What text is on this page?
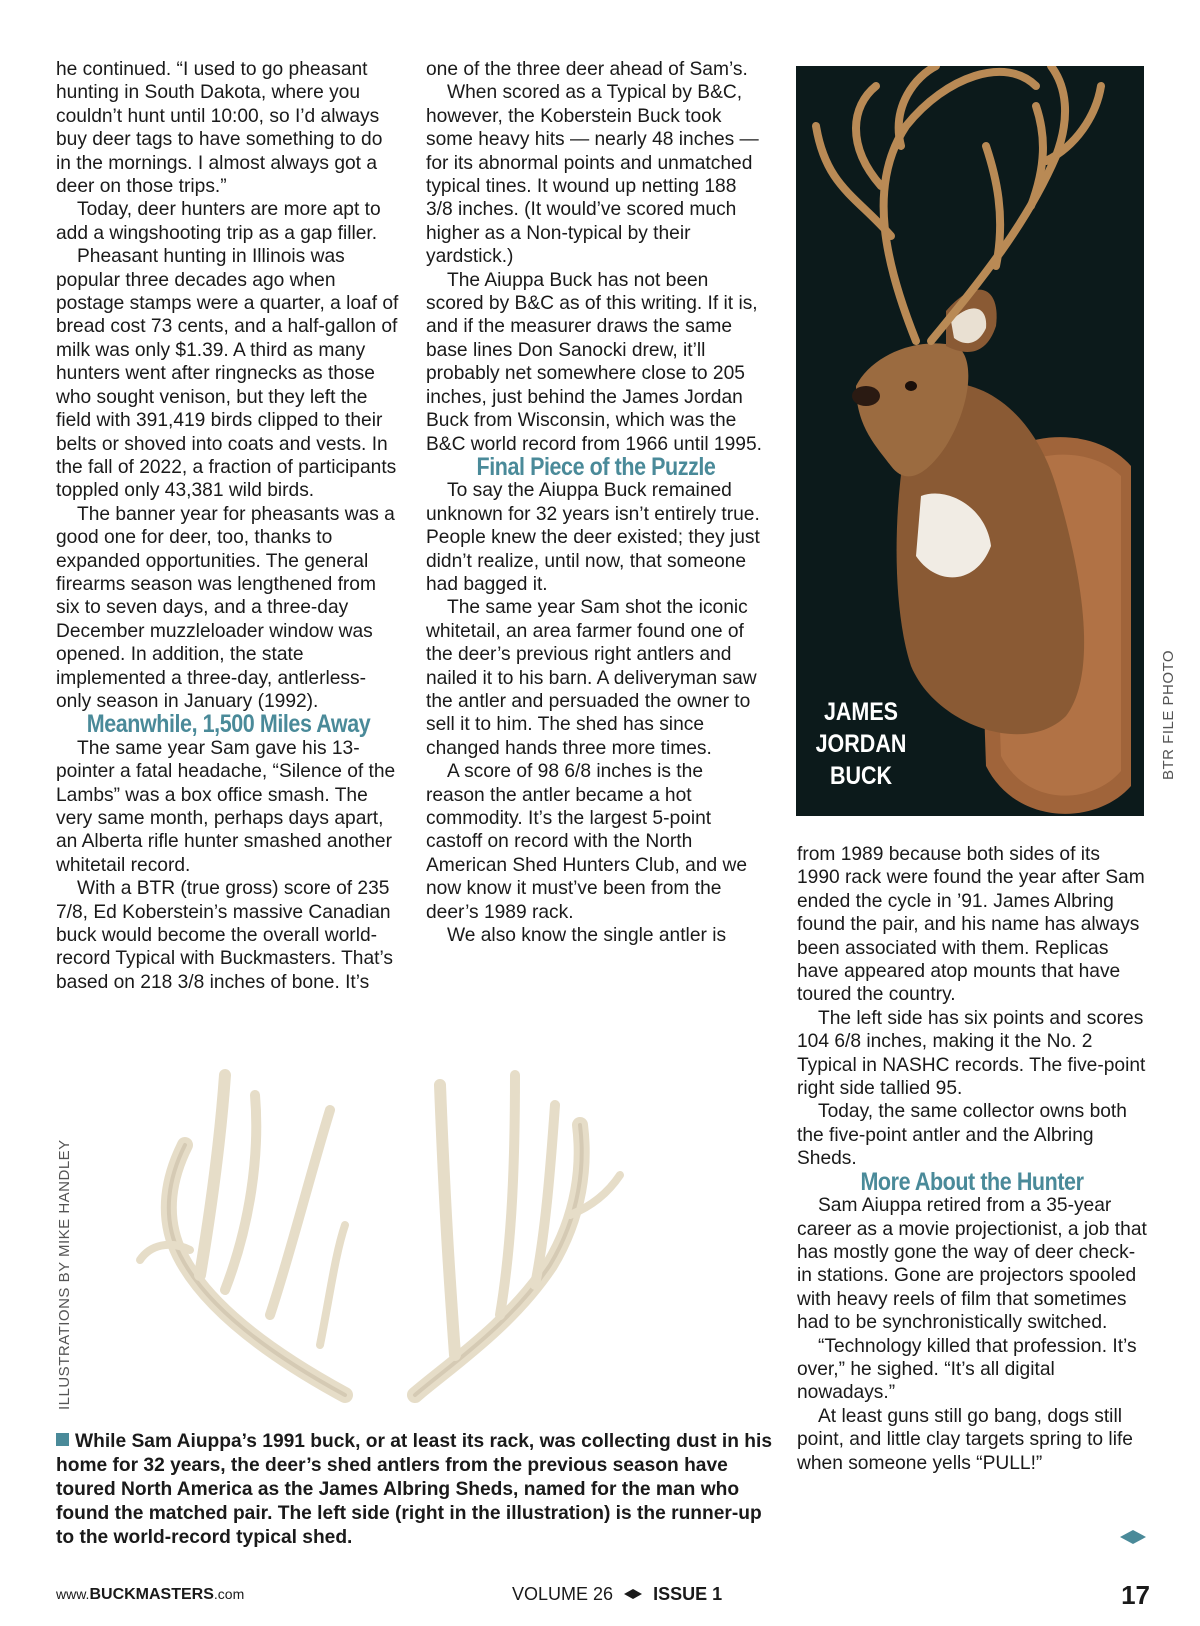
he continued. “I used to go pheasant hunting in South Dakota, where you couldn’t hunt until 10:00, so I’d always buy deer tags to have something to do in the mornings. I almost always got a deer on those trips.”

Today, deer hunters are more apt to add a wingshooting trip as a gap filler.

Pheasant hunting in Illinois was popular three decades ago when postage stamps were a quarter, a loaf of bread cost 73 cents, and a half-gallon of milk was only $1.39. A third as many hunters went after ringnecks as those who sought venison, but they left the field with 391,419 birds clipped to their belts or shoved into coats and vests. In the fall of 2022, a fraction of participants toppled only 43,381 wild birds.

The banner year for pheasants was a good one for deer, too, thanks to expanded opportunities. The general firearms season was lengthened from six to seven days, and a three-day December muzzleloader window was opened. In addition, the state implemented a three-day, antlerless-only season in January (1992).

Meanwhile, 1,500 Miles Away

The same year Sam gave his 13-pointer a fatal headache, “Silence of the Lambs” was a box office smash. The very same month, perhaps days apart, an Alberta rifle hunter smashed another whitetail record.

With a BTR (true gross) score of 235 7/8, Ed Koberstein’s massive Canadian buck would become the overall world-record Typical with Buckmasters. That’s based on 218 3/8 inches of bone. It’s

one of the three deer ahead of Sam’s.

When scored as a Typical by B&C, however, the Koberstein Buck took some heavy hits — nearly 48 inches — for its abnormal points and unmatched typical tines. It wound up netting 188 3/8 inches. (It would’ve scored much higher as a Non-typical by their yardstick.)

The Aiuppa Buck has not been scored by B&C as of this writing. If it is, and if the measurer draws the same base lines Don Sanocki drew, it’ll probably net somewhere close to 205 inches, just behind the James Jordan Buck from Wisconsin, which was the B&C world record from 1966 until 1995.

Final Piece of the Puzzle

To say the Aiuppa Buck remained unknown for 32 years isn’t entirely true. People knew the deer existed; they just didn’t realize, until now, that someone had bagged it.

The same year Sam shot the iconic whitetail, an area farmer found one of the deer’s previous right antlers and nailed it to his barn. A deliveryman saw the antler and persuaded the owner to sell it to him. The shed has since changed hands three more times.

A score of 98 6/8 inches is the reason the antler became a hot commodity. It’s the largest 5-point castoff on record with the North American Shed Hunters Club, and we now know it must’ve been from the deer’s 1989 rack.

We also know the single antler is

JAMES
JORDAN
BUCK	BTR FILE PHOTO

from 1989 because both sides of its 1990 rack were found the year after Sam ended the cycle in ’91. James Albring found the pair, and his name has always been associated with them. Replicas have appeared atop mounts that have toured the country.

The left side has six points and scores 104 6/8 inches, making it the No. 2 Typical in NASHC records. The five-point right side tallied 95.

Today, the same collector owns both the five-point antler and the Albring Sheds.

More About the Hunter

Sam Aiuppa retired from a 35-year career as a movie projectionist, a job that has mostly gone the way of deer check-in stations. Gone are projectors spooled with heavy reels of film that sometimes had to be synchronistically switched.

“Technology killed that profession. It’s over,” he sighed. “It’s all digital nowadays.”

At least guns still go bang, dogs still point, and little clay targets spring to life when someone yells “PULL!”

ILLUSTRATIONS BY MIKE HANDLEY
While Sam Aiuppa’s 1991 buck, or at least its rack, was collecting dust in his home for 32 years, the deer’s shed antlers from the previous season have toured North America as the James Albring Sheds, named for the man who found the matched pair. The left side (right in the illustration) is the runner-up to the world-record typical shed.
www.BUCKMASTERS.com	VOLUME 26 ISSUE 1	17
